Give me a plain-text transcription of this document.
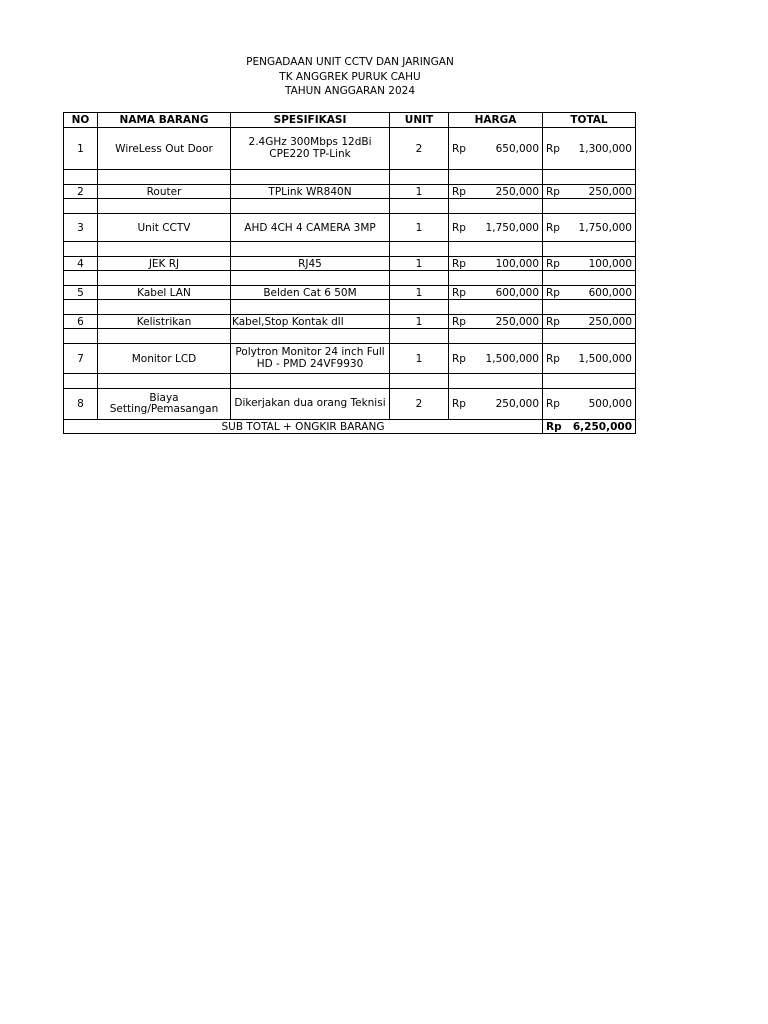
PENGADAAN UNIT CCTV DAN JARINGAN
TK ANGGREK PURUK CAHU
TAHUN ANGGARAN 2024
NO	NAMA BARANG	SPESIFIKASI	UNIT	HARGA	TOTAL
1	WireLess Out Door	2.4GHz 300Mbps 12dBi CPE220 TP-Link	2	Rp 650,000	Rp 1,300,000

2	Router	TPLink WR840N	1	Rp 250,000	Rp 250,000

3	Unit CCTV	AHD 4CH 4 CAMERA 3MP	1	Rp 1,750,000	Rp 1,750,000

4	JEK RJ	RJ45	1	Rp 100,000	Rp 100,000

5	Kabel LAN	Belden Cat 6 50M	1	Rp 600,000	Rp 600,000

6	Kelistrikan	Kabel,Stop Kontak dll	1	Rp 250,000	Rp 250,000

7	Monitor LCD	Polytron Monitor 24 inch Full HD - PMD 24VF9930	1	Rp 1,500,000	Rp 1,500,000

8	Biaya Setting/Pemasangan	Dikerjakan dua orang Teknisi	2	Rp 250,000	Rp 500,000

SUB TOTAL + ONGKIR BARANG					Rp 6,250,000
